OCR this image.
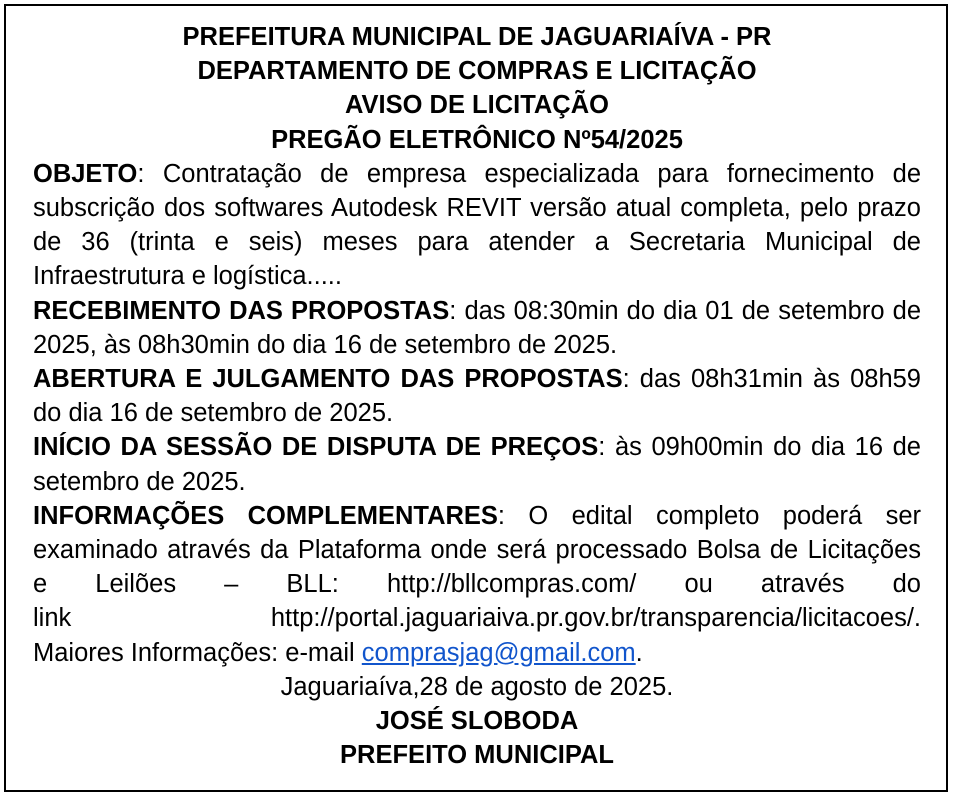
PREFEITURA MUNICIPAL DE JAGUARIAÍVA - PR
DEPARTAMENTO DE COMPRAS E LICITAÇÃO
AVISO DE LICITAÇÃO
PREGÃO ELETRÔNICO Nº54/2025
OBJETO: Contratação de empresa especializada para fornecimento de subscrição dos softwares Autodesk REVIT versão atual completa, pelo prazo de 36 (trinta e seis) meses para atender a Secretaria Municipal de Infraestrutura e logística.....
RECEBIMENTO DAS PROPOSTAS: das 08:30min do dia 01 de setembro de 2025, às 08h30min do dia 16 de setembro de 2025.
ABERTURA E JULGAMENTO DAS PROPOSTAS: das 08h31min às 08h59 do dia 16 de setembro de 2025.
INÍCIO DA SESSÃO DE DISPUTA DE PREÇOS: às 09h00min do dia 16 de setembro de 2025.
INFORMAÇÕES COMPLEMENTARES: O edital completo poderá ser examinado através da Plataforma onde será processado Bolsa de Licitações e Leilões – BLL: http://bllcompras.com/ ou através do
link	http://portal.jaguariaiva.pr.gov.br/transparencia/licitacoes/.
Maiores Informações: e-mail comprasjag@gmail.com.
Jaguariaíva,28 de agosto de 2025.
JOSÉ SLOBODA
PREFEITO MUNICIPAL
